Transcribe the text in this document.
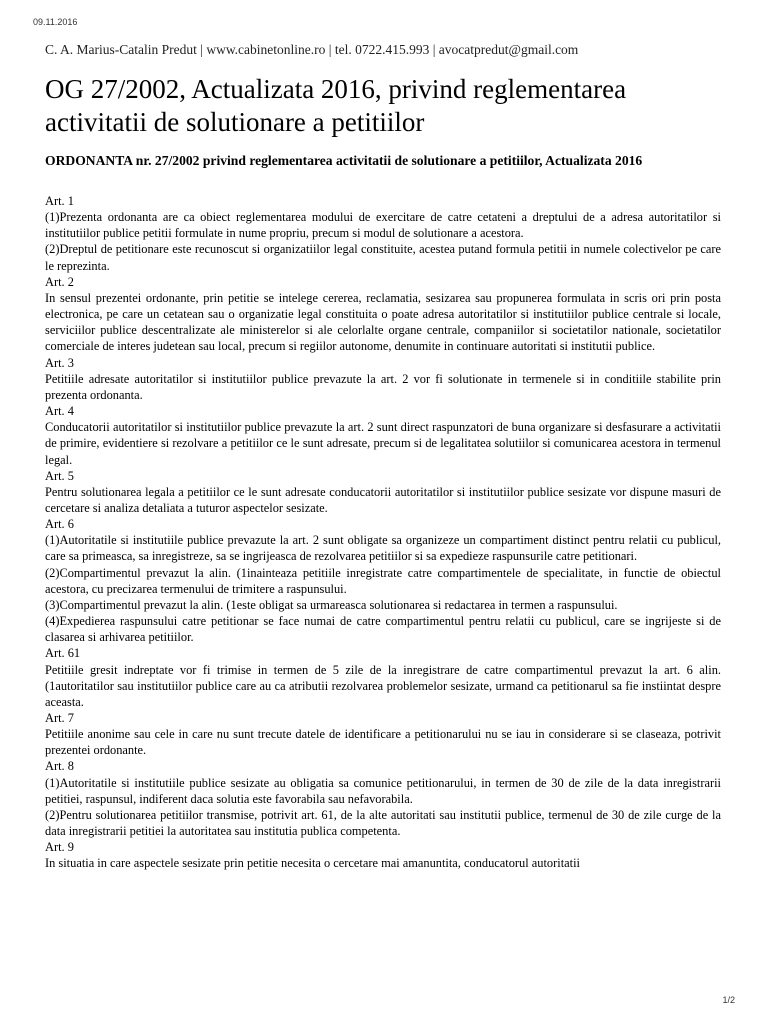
09.11.2016
C. A. Marius-Catalin Predut | www.cabinetonline.ro | tel. 0722.415.993 | avocatpredut@gmail.com
OG 27/2002, Actualizata 2016, privind reglementarea activitatii de solutionare a petitiilor
ORDONANTA nr. 27/2002 privind reglementarea activitatii de solutionare a petitiilor, Actualizata 2016

Art. 1

(1)Prezenta ordonanta are ca obiect reglementarea modului de exercitare de catre cetateni a dreptului de a adresa autoritatilor si institutiilor publice petitii formulate in nume propriu, precum si modul de solutionare a acestora.

(2)Dreptul de petitionare este recunoscut si organizatiilor legal constituite, acestea putand formula petitii in numele colectivelor pe care le reprezinta.

Art. 2

In sensul prezentei ordonante, prin petitie se intelege cererea, reclamatia, sesizarea sau propunerea formulata in scris ori prin posta electronica, pe care un cetatean sau o organizatie legal constituita o poate adresa autoritatilor si institutiilor publice centrale si locale, serviciilor publice descentralizate ale ministerelor si ale celorlalte organe centrale, companiilor si societatilor nationale, societatilor comerciale de interes judetean sau local, precum si regiilor autonome, denumite in continuare autoritati si institutii publice.

Art. 3

Petitiile adresate autoritatilor si institutiilor publice prevazute la art. 2 vor fi solutionate in termenele si in conditiile stabilite prin prezenta ordonanta.

Art. 4

Conducatorii autoritatilor si institutiilor publice prevazute la art. 2 sunt direct raspunzatori de buna organizare si desfasurare a activitatii de primire, evidentiere si rezolvare a petitiilor ce le sunt adresate, precum si de legalitatea solutiilor si comunicarea acestora in termenul legal.

Art. 5

Pentru solutionarea legala a petitiilor ce le sunt adresate conducatorii autoritatilor si institutiilor publice sesizate vor dispune masuri de cercetare si analiza detaliata a tuturor aspectelor sesizate.

Art. 6

(1)Autoritatile si institutiile publice prevazute la art. 2 sunt obligate sa organizeze un compartiment distinct pentru relatii cu publicul, care sa primeasca, sa inregistreze, sa se ingrijeasca de rezolvarea petitiilor si sa expedieze raspunsurile catre petitionari.

(2)Compartimentul prevazut la alin. (1inainteaza petitiile inregistrate catre compartimentele de specialitate, in functie de obiectul acestora, cu precizarea termenului de trimitere a raspunsului.

(3)Compartimentul prevazut la alin. (1este obligat sa urmareasca solutionarea si redactarea in termen a raspunsului.

(4)Expedierea raspunsului catre petitionar se face numai de catre compartimentul pentru relatii cu publicul, care se ingrijeste si de clasarea si arhivarea petitiilor.

Art. 61

Petitiile gresit indreptate vor fi trimise in termen de 5 zile de la inregistrare de catre compartimentul prevazut la art. 6 alin. (1autoritatilor sau institutiilor publice care au ca atributii rezolvarea problemelor sesizate, urmand ca petitionarul sa fie instiintat despre aceasta.

Art. 7

Petitiile anonime sau cele in care nu sunt trecute datele de identificare a petitionarului nu se iau in considerare si se claseaza, potrivit prezentei ordonante.

Art. 8

(1)Autoritatile si institutiile publice sesizate au obligatia sa comunice petitionarului, in termen de 30 de zile de la data inregistrarii petitiei, raspunsul, indiferent daca solutia este favorabila sau nefavorabila.

(2)Pentru solutionarea petitiilor transmise, potrivit art. 61, de la alte autoritati sau institutii publice, termenul de 30 de zile curge de la data inregistrarii petitiei la autoritatea sau institutia publica competenta.

Art. 9

In situatia in care aspectele sesizate prin petitie necesita o cercetare mai amanuntita, conducatorul autoritatii

1/2
